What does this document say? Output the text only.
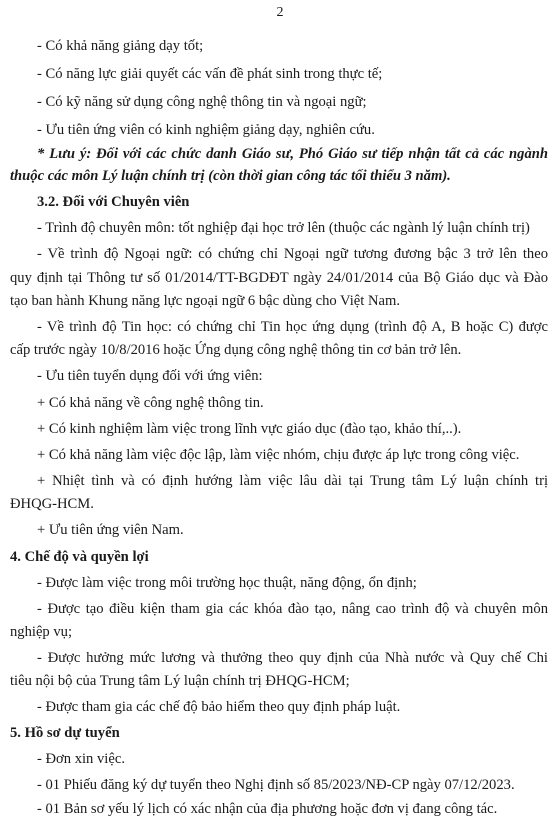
2
- Có khả năng giảng dạy tốt;
- Có năng lực giải quyết các vấn đề phát sinh trong thực tế;
- Có kỹ năng sử dụng công nghệ thông tin và ngoại ngữ;
- Ưu tiên ứng viên có kinh nghiệm giảng dạy, nghiên cứu.
* Lưu ý: Đối với các chức danh Giáo sư, Phó Giáo sư tiếp nhận tất cả các ngành
thuộc các môn Lý luận chính trị (còn thời gian công tác tối thiểu 3 năm).
3.2. Đối với Chuyên viên
- Trình độ chuyên môn: tốt nghiệp đại học trở lên (thuộc các ngành lý luận chính trị)
- Về trình độ Ngoại ngữ: có chứng chỉ Ngoại ngữ tương đương bậc 3 trở lên theo
quy định tại Thông tư số 01/2014/TT-BGDĐT ngày 24/01/2014 của Bộ Giáo dục và Đào
tạo ban hành Khung năng lực ngoại ngữ 6 bậc dùng cho Việt Nam.
- Về trình độ Tin học: có chứng chỉ Tin học ứng dụng (trình độ A, B hoặc C) được
cấp trước ngày 10/8/2016 hoặc Ứng dụng công nghệ thông tin cơ bản trở lên.
- Ưu tiên tuyển dụng đối với ứng viên:
+ Có khả năng về công nghệ thông tin.
+ Có kinh nghiệm làm việc trong lĩnh vực giáo dục (đào tạo, khảo thí,..).
+ Có khả năng làm việc độc lập, làm việc nhóm, chịu được áp lực trong công việc.
+ Nhiệt tình và có định hướng làm việc lâu dài tại Trung tâm Lý luận chính trị
ĐHQG-HCM.
+ Ưu tiên ứng viên Nam.
4. Chế độ và quyền lợi
- Được làm việc trong môi trường học thuật, năng động, ổn định;
- Được tạo điều kiện tham gia các khóa đào tạo, nâng cao trình độ và chuyên môn
nghiệp vụ;
- Được hưởng mức lương và thưởng theo quy định của Nhà nước và Quy chế Chi
tiêu nội bộ của Trung tâm Lý luận chính trị ĐHQG-HCM;
- Được tham gia các chế độ bảo hiểm theo quy định pháp luật.
5. Hồ sơ dự tuyển
- Đơn xin việc.
- 01 Phiếu đăng ký dự tuyển theo Nghị định số 85/2023/NĐ-CP ngày 07/12/2023.
- 01 Bản sơ yếu lý lịch có xác nhận của địa phương hoặc đơn vị đang công tác.
